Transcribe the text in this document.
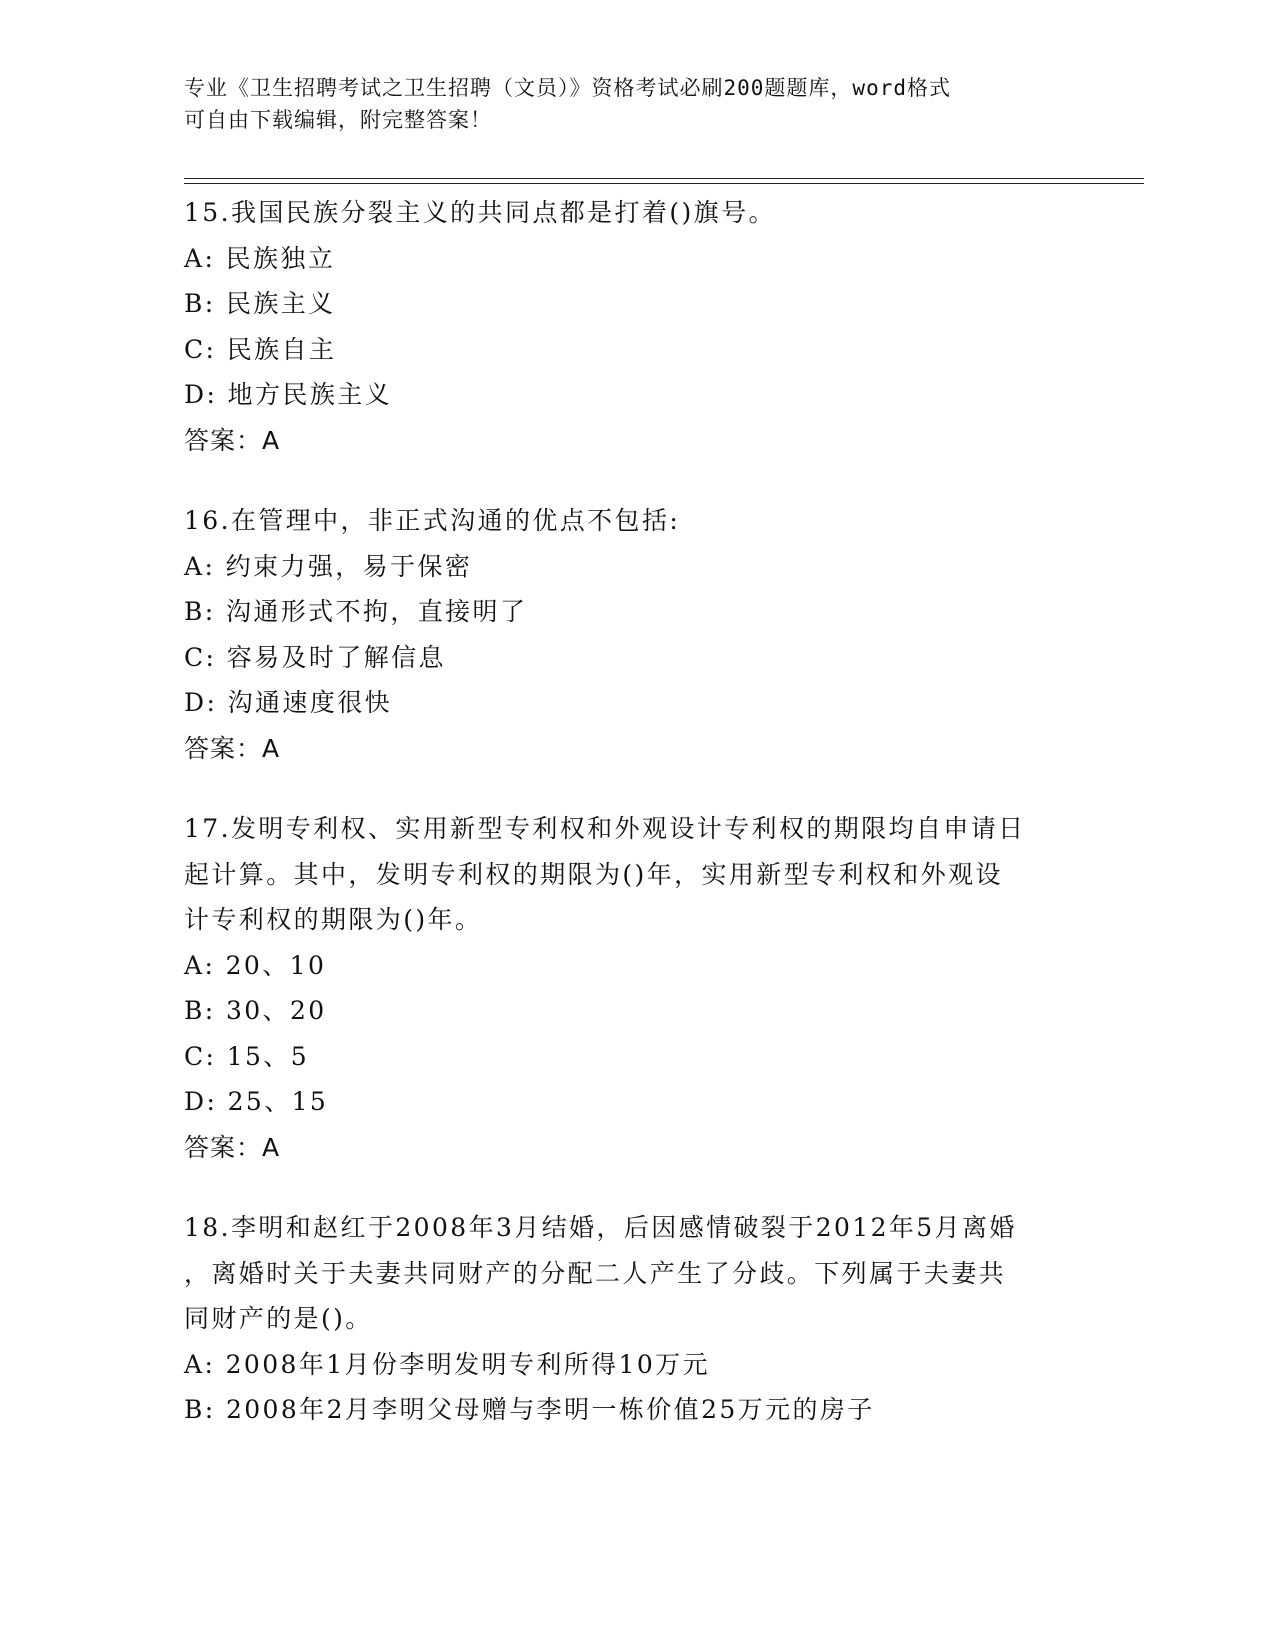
专业《卫生招聘考试之卫生招聘（文员）》资格考试必刷200题题库，word格式
可自由下载编辑，附完整答案！
15.我国民族分裂主义的共同点都是打着()旗号。
A: 民族独立
B: 民族主义
C: 民族自主
D: 地方民族主义
答案：A
16.在管理中，非正式沟通的优点不包括:
A: 约束力强，易于保密
B: 沟通形式不拘，直接明了
C: 容易及时了解信息
D: 沟通速度很快
答案：A
17.发明专利权、实用新型专利权和外观设计专利权的期限均自申请日
起计算。其中，发明专利权的期限为()年，实用新型专利权和外观设
计专利权的期限为()年。
A: 20、10
B: 30、20
C: 15、5
D: 25、15
答案：A
18.李明和赵红于2008年3月结婚，后因感情破裂于2012年5月离婚
，离婚时关于夫妻共同财产的分配二人产生了分歧。下列属于夫妻共
同财产的是()。
A: 2008年1月份李明发明专利所得10万元
B: 2008年2月李明父母赠与李明一栋价值25万元的房子
